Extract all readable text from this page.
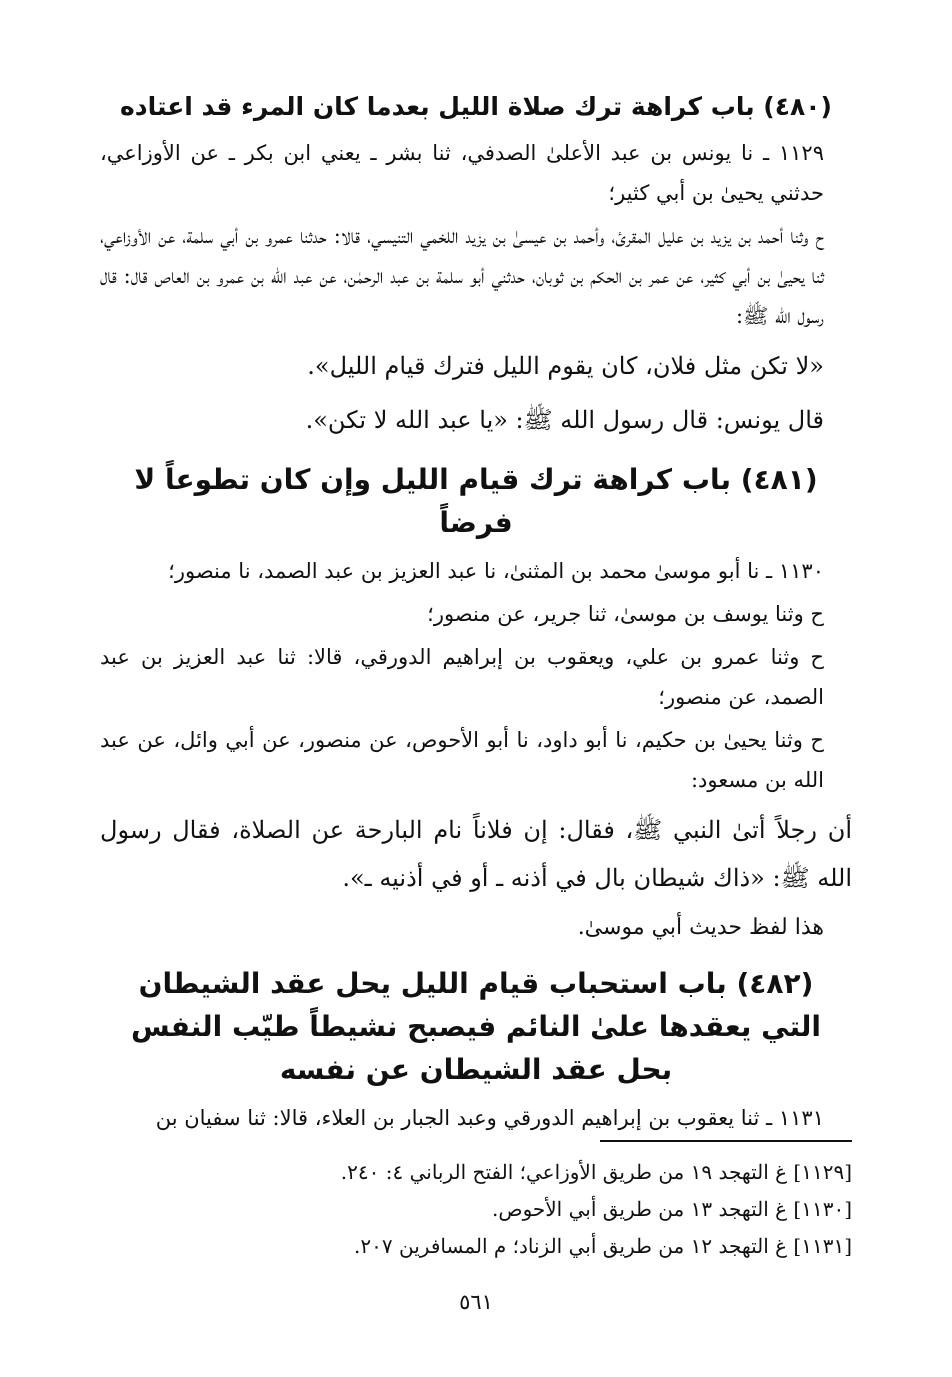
(٤٨٠) باب كراهة ترك صلاة الليل بعدما كان المرء قد اعتاده

١١٢٩ ـ نا يونس بن عبد الأعلىٰ الصدفي، ثنا بشر ـ يعني ابن بكر ـ عن الأوزاعي، حدثني يحيىٰ بن أبي كثير؛

ح وثنا أحمد بن يزيد بن عليل المقرئ، وأحمد بن عيسىٰ بن يزيد اللخمي التنيسي، قالا: حدثنا عمرو بن أبي سلمة، عن الأوزاعي، ثنا يحيىٰ بن أبي كثير، عن عمر بن الحكم بن ثوبان، حدثني أبو سلمة بن عبد الرحمٰن، عن عبد الله بن عمرو بن العاص قال: قال رسول الله ﷺ:

«لا تكن مثل فلان، كان يقوم الليل فترك قيام الليل».

قال يونس: قال رسول الله ﷺ: «يا عبد الله لا تكن».

(٤٨١) باب كراهة ترك قيام الليل وإن كان تطوعاً لا فرضاً

١١٣٠ ـ نا أبو موسىٰ محمد بن المثنىٰ، نا عبد العزيز بن عبد الصمد، نا منصور؛

ح وثنا يوسف بن موسىٰ، ثنا جرير، عن منصور؛

ح وثنا عمرو بن علي، ويعقوب بن إبراهيم الدورقي، قالا: ثنا عبد العزيز بن عبد الصمد، عن منصور؛

ح وثنا يحيىٰ بن حكيم، نا أبو داود، نا أبو الأحوص، عن منصور، عن أبي وائل، عن عبد الله بن مسعود:

أن رجلاً أتىٰ النبي ﷺ، فقال: إن فلاناً نام البارحة عن الصلاة، فقال رسول الله ﷺ: «ذاك شيطان بال في أذنه ـ أو في أذنيه ـ».

هذا لفظ حديث أبي موسىٰ.

(٤٨٢) باب استحباب قيام الليل يحل عقد الشيطان التي يعقدها علىٰ النائم فيصبح نشيطاً طيّب النفس بحل عقد الشيطان عن نفسه

١١٣١ ـ ثنا يعقوب بن إبراهيم الدورقي وعبد الجبار بن العلاء، قالا: ثنا سفيان بن

[١١٢٩] غ التهجد ١٩ من طريق الأوزاعي؛ الفتح الرباني ٤: ٢٤٠.

[١١٣٠] غ التهجد ١٣ من طريق أبي الأحوص.

[١١٣١] غ التهجد ١٢ من طريق أبي الزناد؛ م المسافرين ٢٠٧.

٥٦١
